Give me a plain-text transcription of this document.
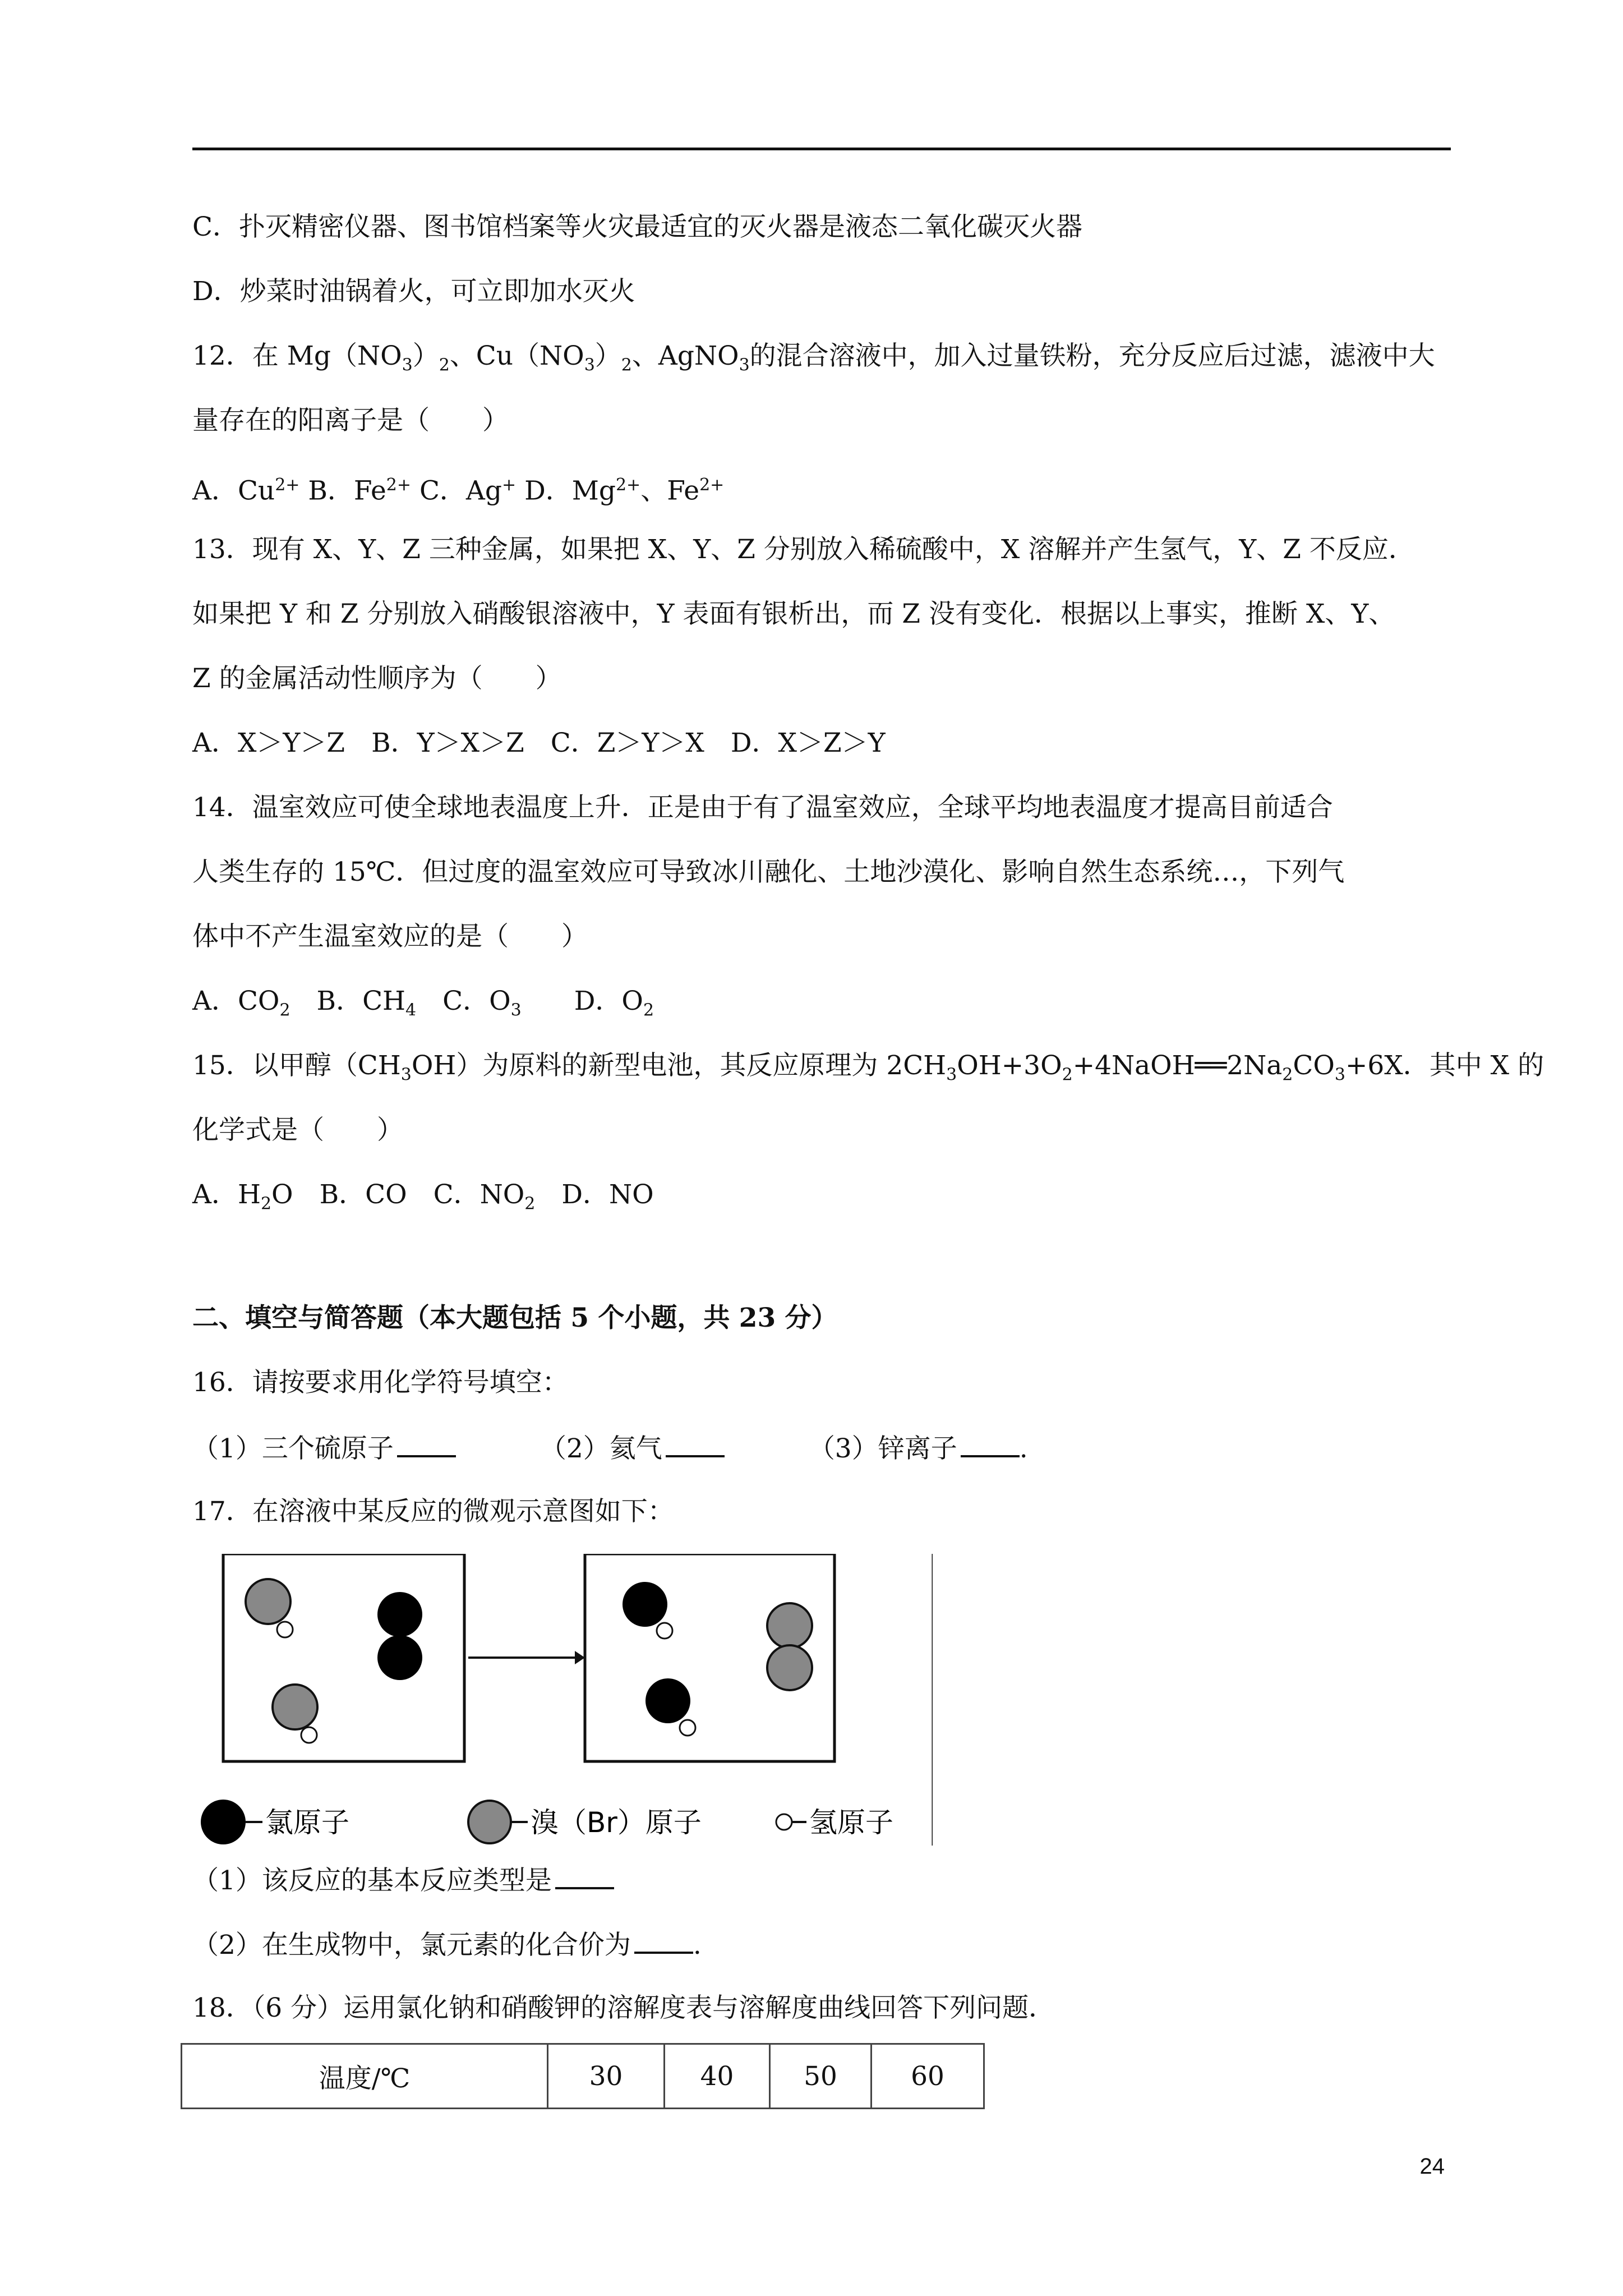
C．扑灭精密仪器、图书馆档案等火灾最适宜的灭火器是液态二氧化碳灭火器
D．炒菜时油锅着火，可立即加水灭火
12．在 $Mg(NO_3)_2$、$Cu(NO_3)_2$、AgNO$_3$的混合溶液中，加入过量铁粉，充分反应后过滤，滤液中大
量存在的阳离子是（　　）
A．$Cu^{2+}$ B．$Fe^{2+}$ C．Ag+ D．$Mg^{2+}$、$Fe^{2+}$
13．现有 X、Y、Z 三种金属，如果把 X、Y、Z 分别放入稀硫酸中，X 溶解并产生氢气，Y、Z 不反应．
如果把 Y 和 Z 分别放入硝酸银溶液中，Y 表面有银析出，而 Z 没有变化．根据以上事实，推断 X、Y、
Z 的金属活动性顺序为（　　）
A．X＞Y＞Z　B．Y＞X＞Z　C．Z＞Y＞X　D．X＞Z＞Y
14．温室效应可使全球地表温度上升．正是由于有了温室效应，全球平均地表温度才提高目前适合
人类生存的 15℃．但过度的温室效应可导致冰川融化、土地沙漠化、影响自然生态系统…，下列气
体中不产生温室效应的是（　　）
A．$CO_2$　 B．$CH_4$　 C．$O_3$　　 D．$O_2$
15．以甲醇$(CH_3OH)$为原料的新型电池，其反应原理为 $2CH_3OH+3O_2+4NaOH══2Na_2CO_3+6X$．其中 X 的
化学式是（　　）
A．$H_2O$　 B．CO　 C．$NO_2$　 D．NO
二、填空与简答题（本大题包括 5 个小题，共 23 分）
16．请按要求用化学符号填空：
（1）三个硫原子	（2）氦气	（3）锌离子 .
17．在溶液中某反应的微观示意图如下：
氯原子	溴（Br）原子	氢原子
（1）该反应的基本反应类型是
（2）在生成物中，氯元素的化合价为 .
18．（6 分）运用氯化钠和硝酸钾的溶解度表与溶解度曲线回答下列问题．
温度/℃	30	40	50	60
24
